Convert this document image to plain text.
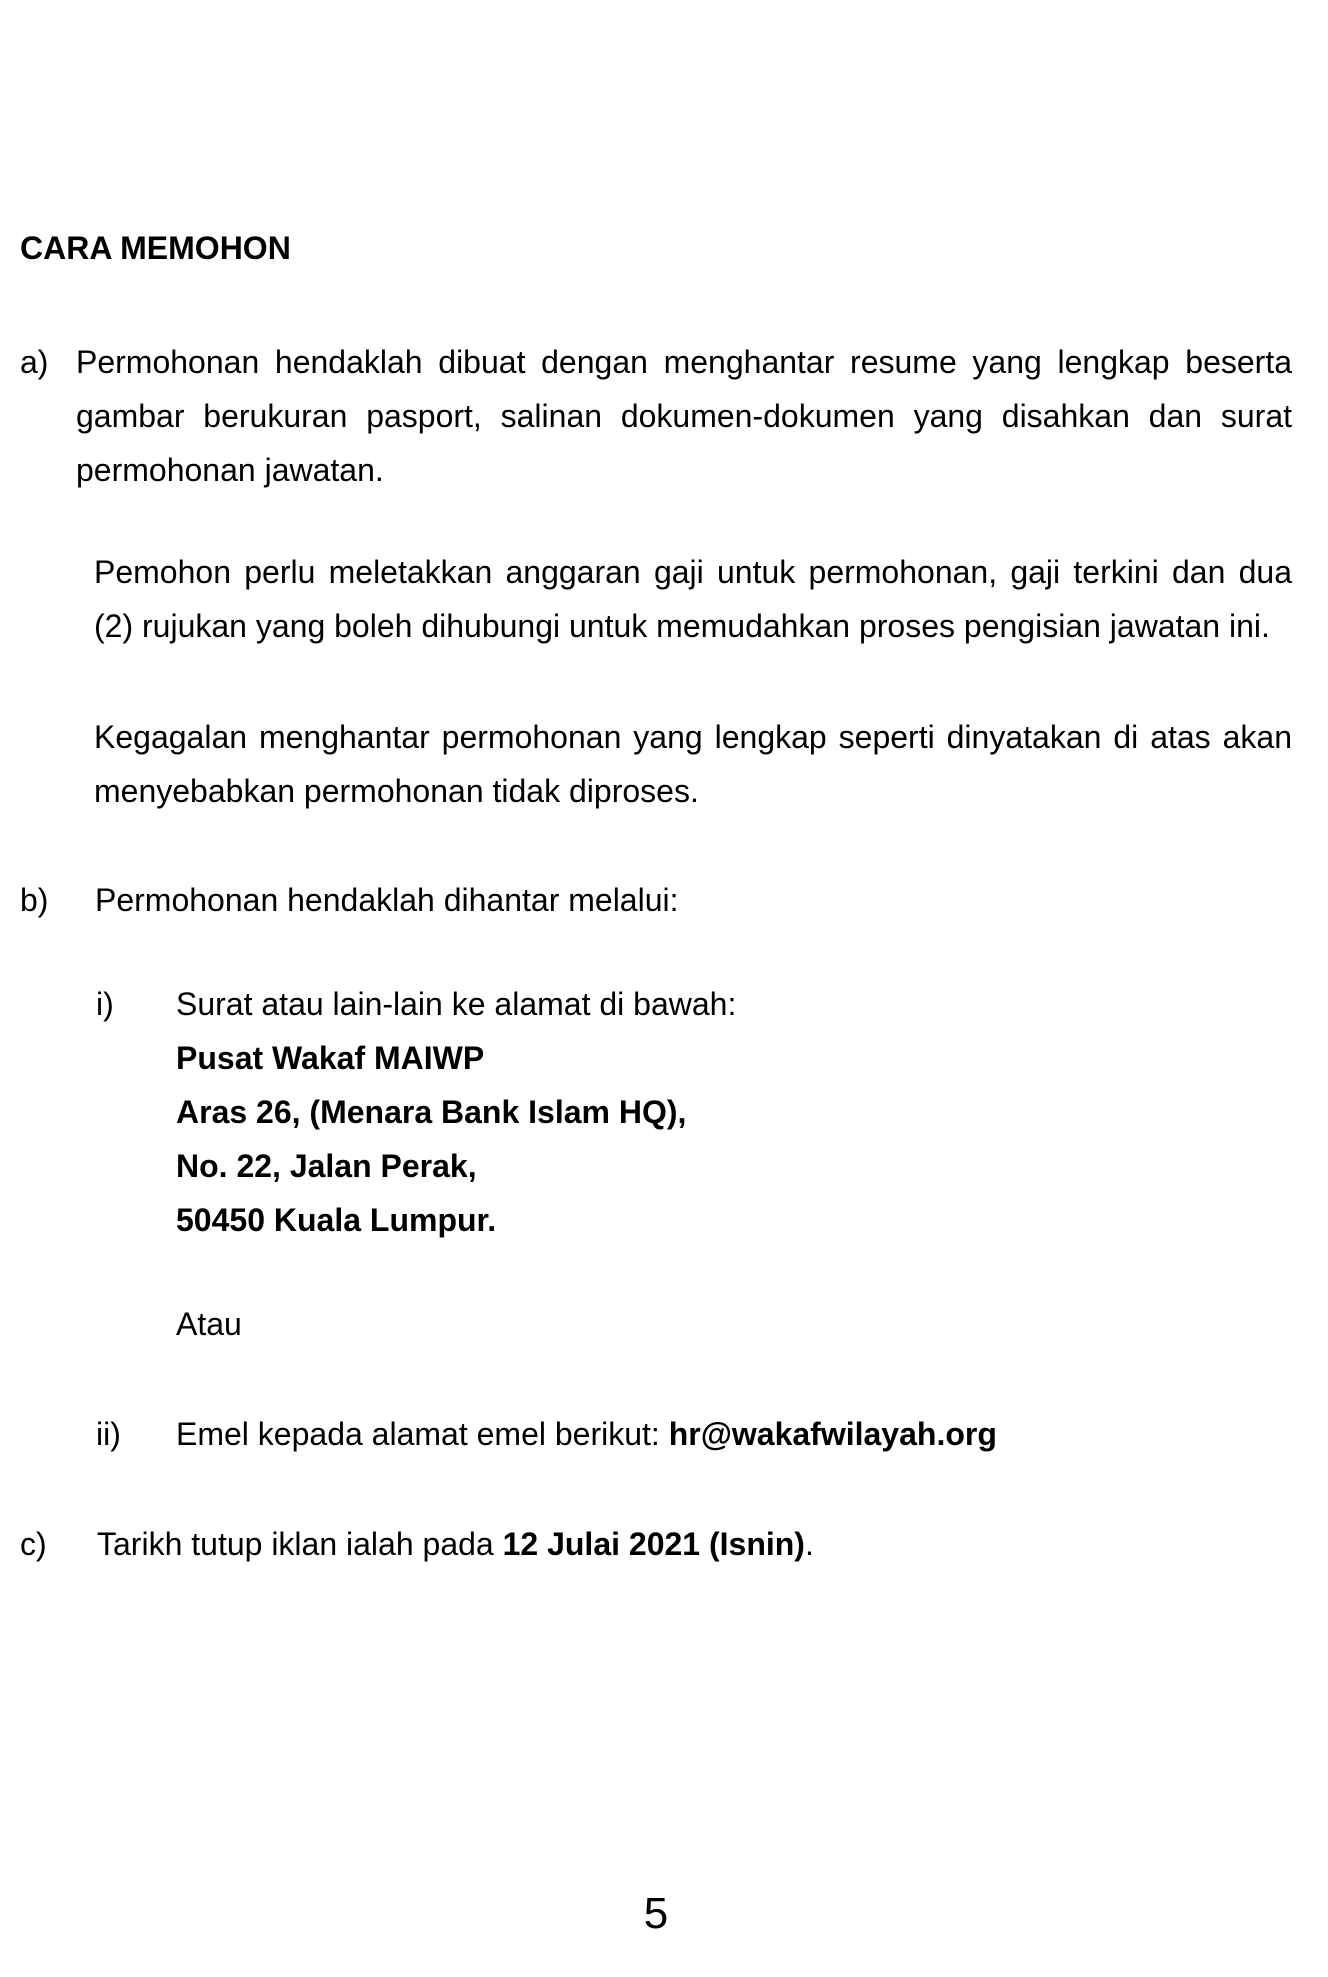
CARA MEMOHON
a) Permohonan hendaklah dibuat dengan menghantar resume yang lengkap beserta
gambar berukuran pasport, salinan dokumen-dokumen yang disahkan dan surat
permohonan jawatan.
Pemohon perlu meletakkan anggaran gaji untuk permohonan, gaji terkini dan dua
(2) rujukan yang boleh dihubungi untuk memudahkan proses pengisian jawatan ini.
Kegagalan menghantar permohonan yang lengkap seperti dinyatakan di atas akan
menyebabkan permohonan tidak diproses.
b)	Permohonan hendaklah dihantar melalui:
i)	Surat atau lain-lain ke alamat di bawah:
Pusat Wakaf MAIWP
Aras 26, (Menara Bank Islam HQ),
No. 22, Jalan Perak,
50450 Kuala Lumpur.
Atau
ii)	Emel kepada alamat emel berikut: hr@wakafwilayah.org
c)	Tarikh tutup iklan ialah pada 12 Julai 2021 (Isnin).
5
